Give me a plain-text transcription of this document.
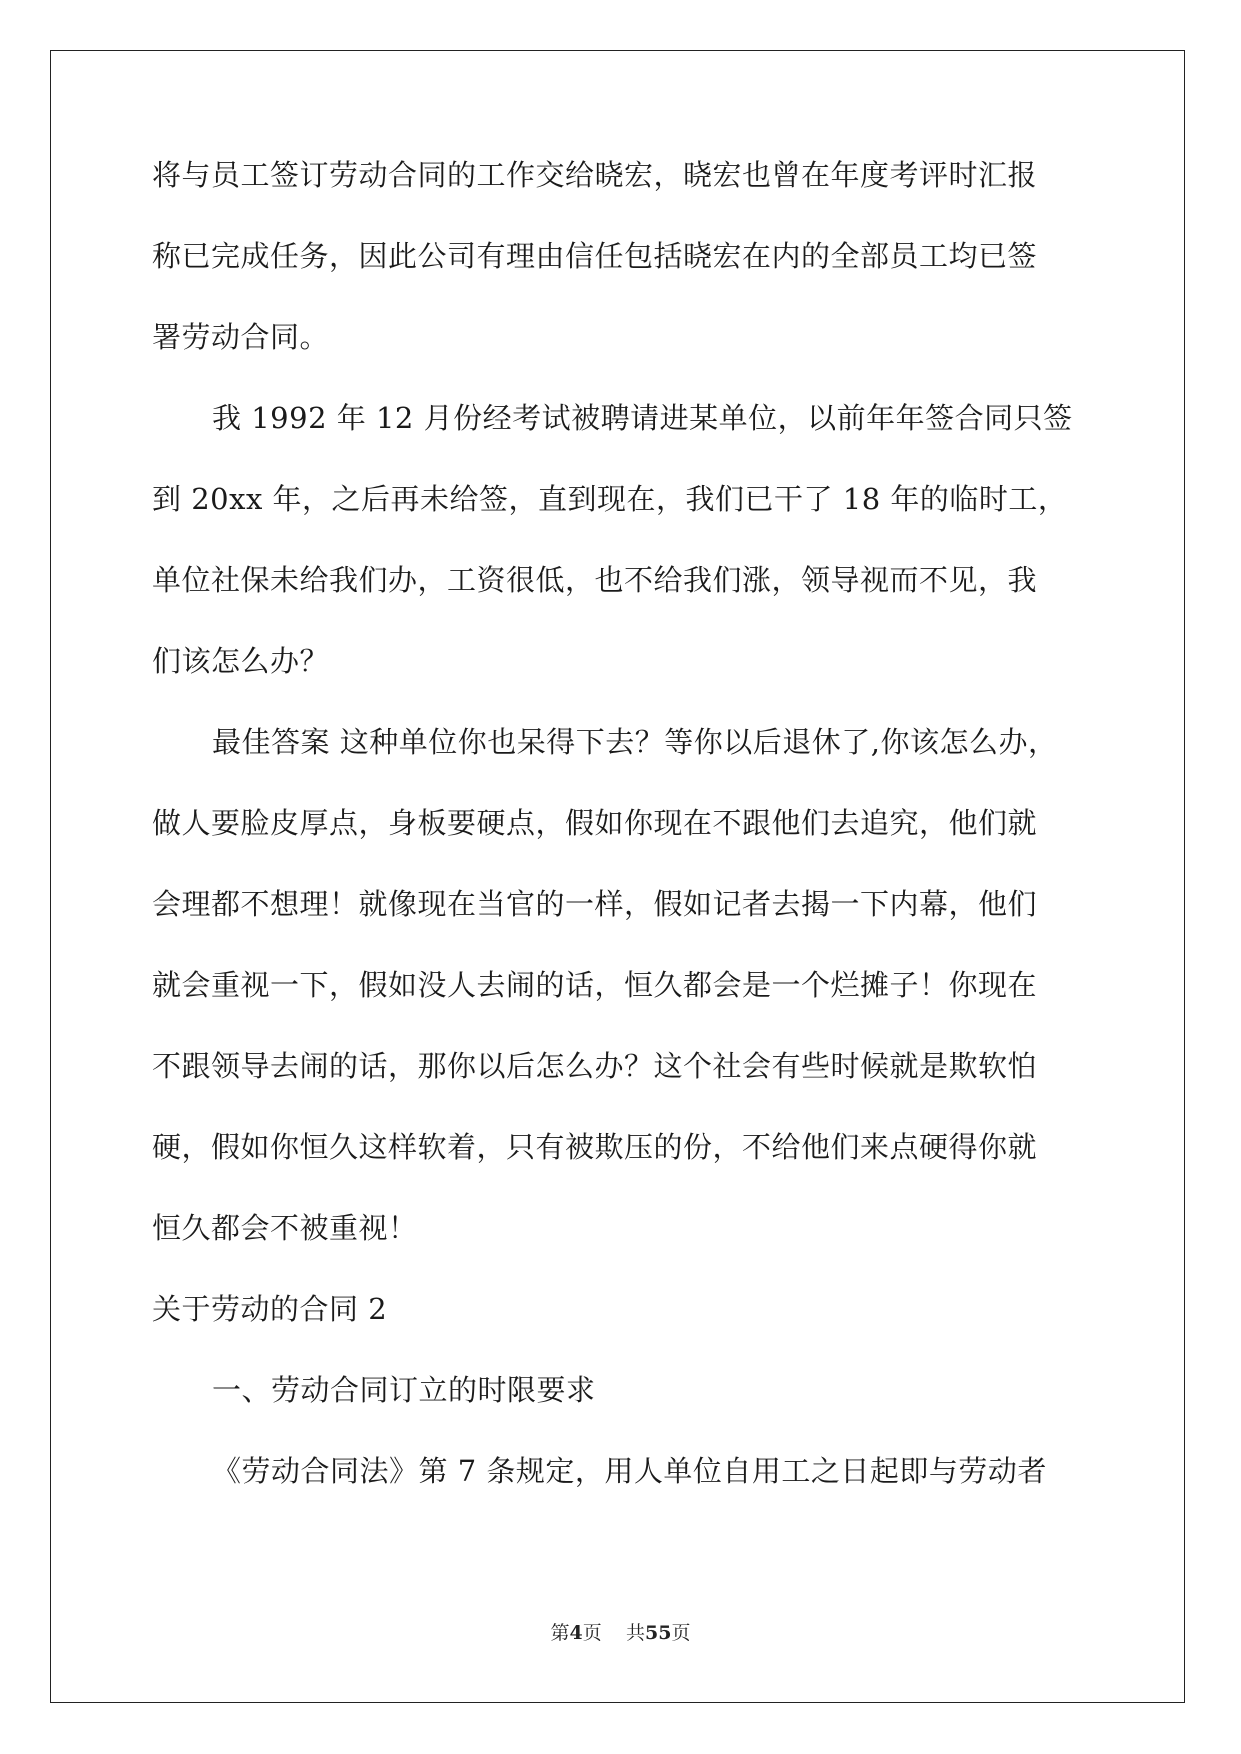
将与员工签订劳动合同的工作交给晓宏，晓宏也曾在年度考评时汇报
称已完成任务，因此公司有理由信任包括晓宏在内的全部员工均已签
署劳动合同。
我 1992 年 12 月份经考试被聘请进某单位，以前年年签合同只签
到 20xx 年，之后再未给签，直到现在，我们已干了 18 年的临时工，
单位社保未给我们办，工资很低，也不给我们涨，领导视而不见，我
们该怎么办？
最佳答案 这种单位你也呆得下去？等你以后退休了,你该怎么办，
做人要脸皮厚点，身板要硬点，假如你现在不跟他们去追究，他们就
会理都不想理！就像现在当官的一样，假如记者去揭一下内幕，他们
就会重视一下，假如没人去闹的话，恒久都会是一个烂摊子！你现在
不跟领导去闹的话，那你以后怎么办？这个社会有些时候就是欺软怕
硬，假如你恒久这样软着，只有被欺压的份，不给他们来点硬得你就
恒久都会不被重视！
关于劳动的合同 2
一、劳动合同订立的时限要求
《劳动合同法》第 7 条规定，用人单位自用工之日起即与劳动者
第4页 共55页
